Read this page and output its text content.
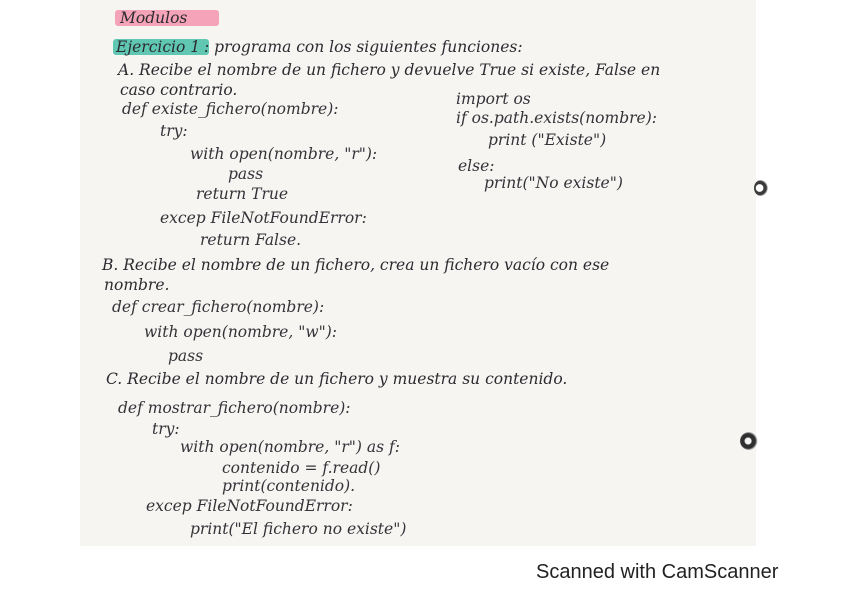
Modulos
Ejercicio 1 : programa con los siguientes funciones:
A. Recibe el nombre de un fichero y devuelve True si existe, False en
caso contrario.
def existe_fichero(nombre):
try:
with open(nombre, "r"):
pass
return True
excep FileNotFoundError:
return False.
import os
if os.path.exists(nombre):
print ("Existe")
else:
print("No existe")
B. Recibe el nombre de un fichero, crea un fichero vacío con ese
nombre.
def crear_fichero(nombre):
with open(nombre, "w"):
pass
C. Recibe el nombre de un fichero y muestra su contenido.
def mostrar_fichero(nombre):
try:
with open(nombre, "r") as f:
contenido = f.read()
print(contenido).
excep FileNotFoundError:
print("El fichero no existe")
Scanned with CamScanner
